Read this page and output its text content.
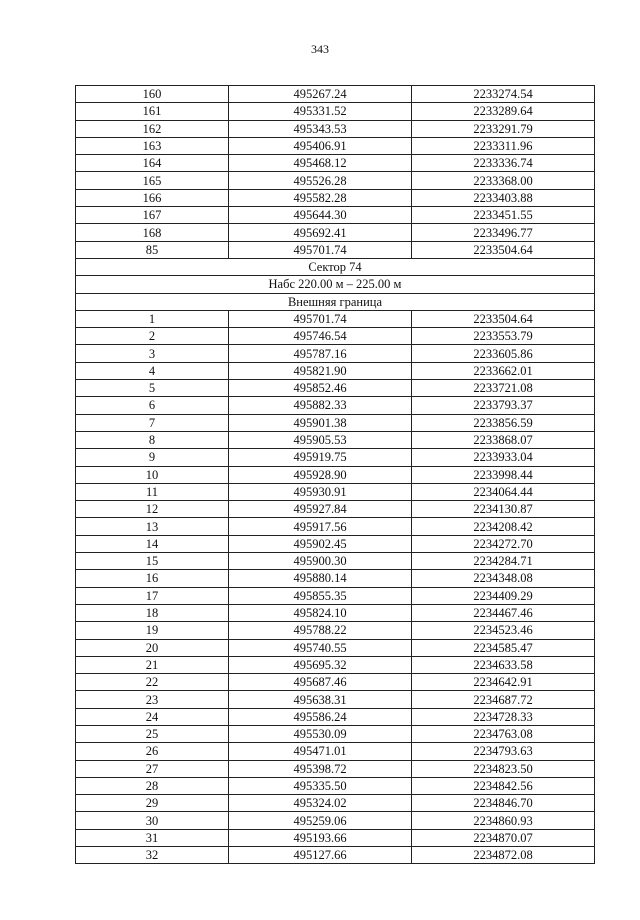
343
160	495267.24	2233274.54
161	495331.52	2233289.64
162	495343.53	2233291.79
163	495406.91	2233311.96
164	495468.12	2233336.74
165	495526.28	2233368.00
166	495582.28	2233403.88
167	495644.30	2233451.55
168	495692.41	2233496.77
85	495701.74	2233504.64
Сектор 74		
Набс 220.00 м – 225.00 м		
Внешняя граница		
1	495701.74	2233504.64
2	495746.54	2233553.79
3	495787.16	2233605.86
4	495821.90	2233662.01
5	495852.46	2233721.08
6	495882.33	2233793.37
7	495901.38	2233856.59
8	495905.53	2233868.07
9	495919.75	2233933.04
10	495928.90	2233998.44
11	495930.91	2234064.44
12	495927.84	2234130.87
13	495917.56	2234208.42
14	495902.45	2234272.70
15	495900.30	2234284.71
16	495880.14	2234348.08
17	495855.35	2234409.29
18	495824.10	2234467.46
19	495788.22	2234523.46
20	495740.55	2234585.47
21	495695.32	2234633.58
22	495687.46	2234642.91
23	495638.31	2234687.72
24	495586.24	2234728.33
25	495530.09	2234763.08
26	495471.01	2234793.63
27	495398.72	2234823.50
28	495335.50	2234842.56
29	495324.02	2234846.70
30	495259.06	2234860.93
31	495193.66	2234870.07
32	495127.66	2234872.08
